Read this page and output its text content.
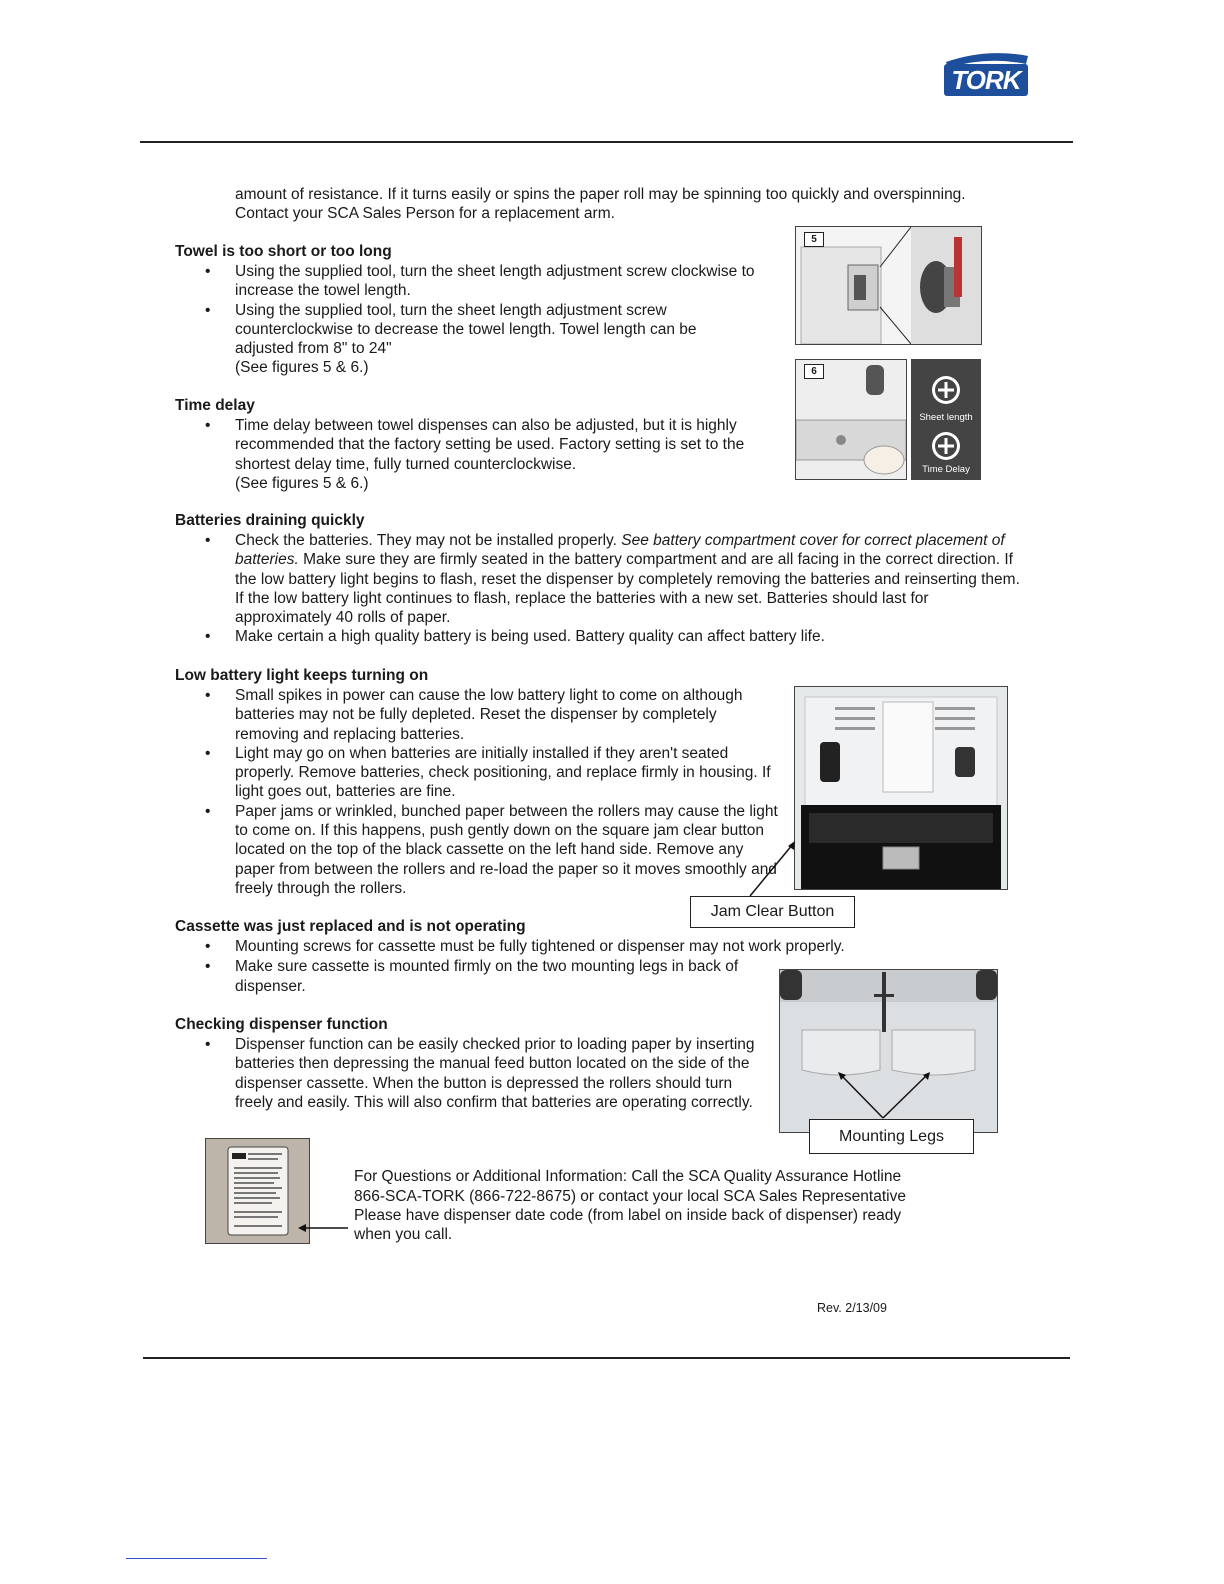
TORK
amount of resistance. If it turns easily or spins the paper roll may be spinning too quickly and overspinning.
Contact your SCA Sales Person for a replacement arm.
Towel is too short or too long
• Using the supplied tool, turn the sheet length adjustment screw clockwise to increase the towel length.
• Using the supplied tool, turn the sheet length adjustment screw counterclockwise to decrease the towel length. Towel length can be adjusted from 8" to 24"
(See figures 5 & 6.)
5
Time delay
• Time delay between towel dispenses can also be adjusted, but it is highly recommended that the factory setting be used. Factory setting is set to the shortest delay time, fully turned counterclockwise.
(See figures 5 & 6.)
6
Sheet length
Time Delay
Batteries draining quickly
• Check the batteries. They may not be installed properly. See battery compartment cover for correct placement of batteries. Make sure they are firmly seated in the battery compartment and are all facing in the correct direction. If the low battery light begins to flash, reset the dispenser by completely removing the batteries and reinserting them. If the low battery light continues to flash, replace the batteries with a new set. Batteries should last for approximately 40 rolls of paper.
• Make certain a high quality battery is being used. Battery quality can affect battery life.
Low battery light keeps turning on
• Small spikes in power can cause the low battery light to come on although batteries may not be fully depleted. Reset the dispenser by completely removing and replacing batteries.
• Light may go on when batteries are initially installed if they aren't seated properly. Remove batteries, check positioning, and replace firmly in housing. If light goes out, batteries are fine.
• Paper jams or wrinkled, bunched paper between the rollers may cause the light to come on. If this happens, push gently down on the square jam clear button located on the top of the black cassette on the left hand side. Remove any paper from between the rollers and re-load the paper so it moves smoothly and freely through the rollers.
Jam Clear Button
Cassette was just replaced and is not operating
• Mounting screws for cassette must be fully tightened or dispenser may not work properly.
• Make sure cassette is mounted firmly on the two mounting legs in back of dispenser.
Mounting Legs
Checking dispenser function
• Dispenser function can be easily checked prior to loading paper by inserting batteries then depressing the manual feed button located on the side of the dispenser cassette. When the button is depressed the rollers should turn freely and easily. This will also confirm that batteries are operating correctly.
For Questions or Additional Information: Call the SCA Quality Assurance Hotline
866-SCA-TORK (866-722-8675) or contact your local SCA Sales Representative
Please have dispenser date code (from label on inside back of dispenser) ready
when you call.
Rev. 2/13/09
